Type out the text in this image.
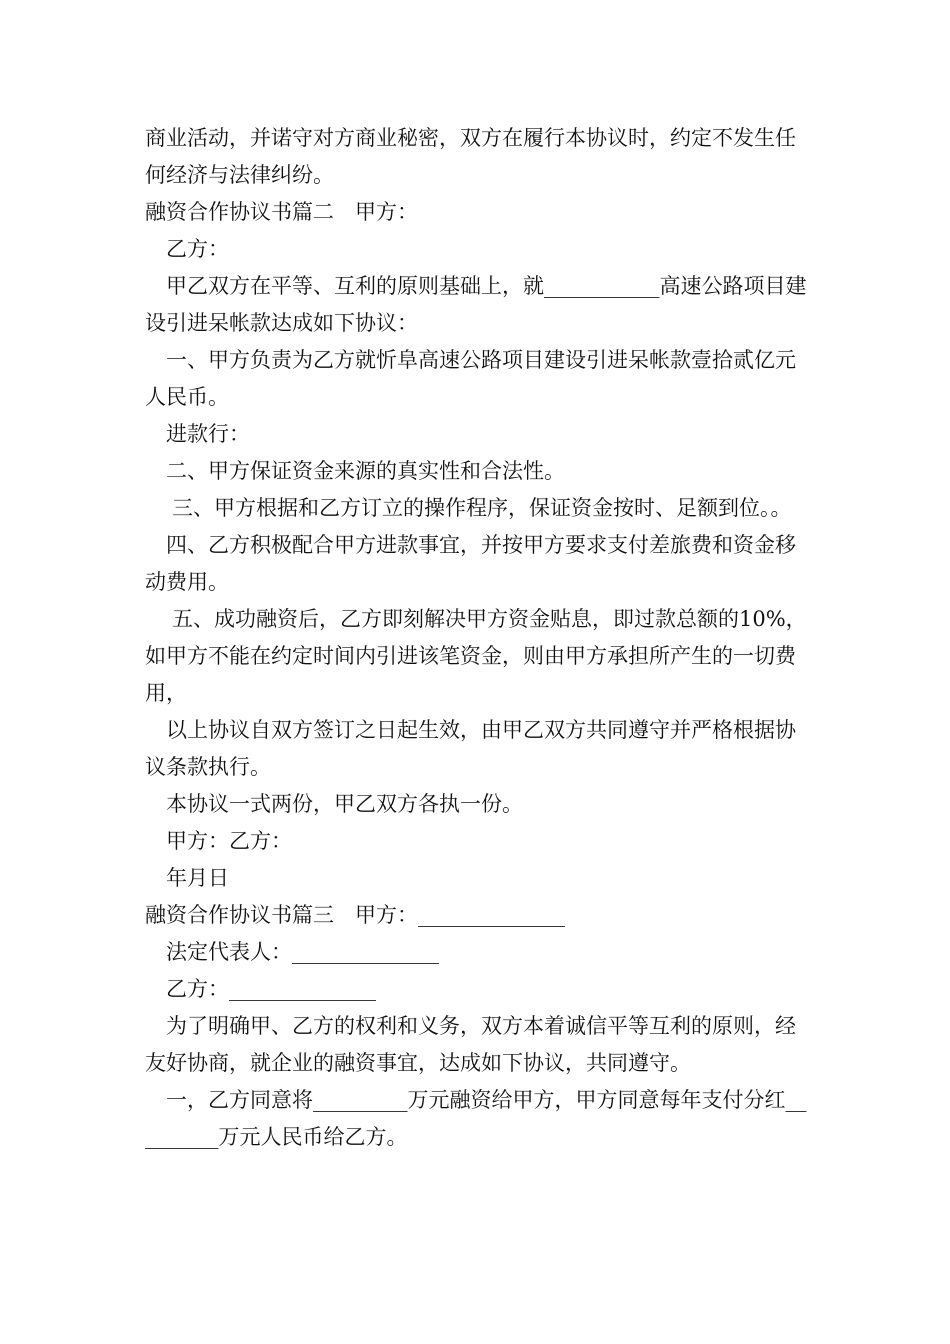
商业活动，并诺守对方商业秘密，双方在履行本协议时，约定不发生任何经济与法律纠纷。

融资合作协议书篇二　甲方：

乙方：

甲乙双方在平等、互利的原则基础上，就___________高速公路项目建设引进呆帐款达成如下协议：

一、甲方负责为乙方就忻阜高速公路项目建设引进呆帐款壹拾贰亿元人民币。

进款行：

二、甲方保证资金来源的真实性和合法性。

三、甲方根据和乙方订立的操作程序，保证资金按时、足额到位。。

四、乙方积极配合甲方进款事宜，并按甲方要求支付差旅费和资金移动费用。

五、成功融资后，乙方即刻解决甲方资金贴息，即过款总额的10%，如甲方不能在约定时间内引进该笔资金，则由甲方承担所产生的一切费用，

以上协议自双方签订之日起生效，由甲乙双方共同遵守并严格根据协议条款执行。

本协议一式两份，甲乙双方各执一份。

甲方：乙方：

年月日

融资合作协议书篇三　甲方：______________

法定代表人：______________

乙方：______________

为了明确甲、乙方的权利和义务，双方本着诚信平等互利的原则，经友好协商，就企业的融资事宜，达成如下协议，共同遵守。

一，乙方同意将_________万元融资给甲方，甲方同意每年支付分红_________万元人民币给乙方。
